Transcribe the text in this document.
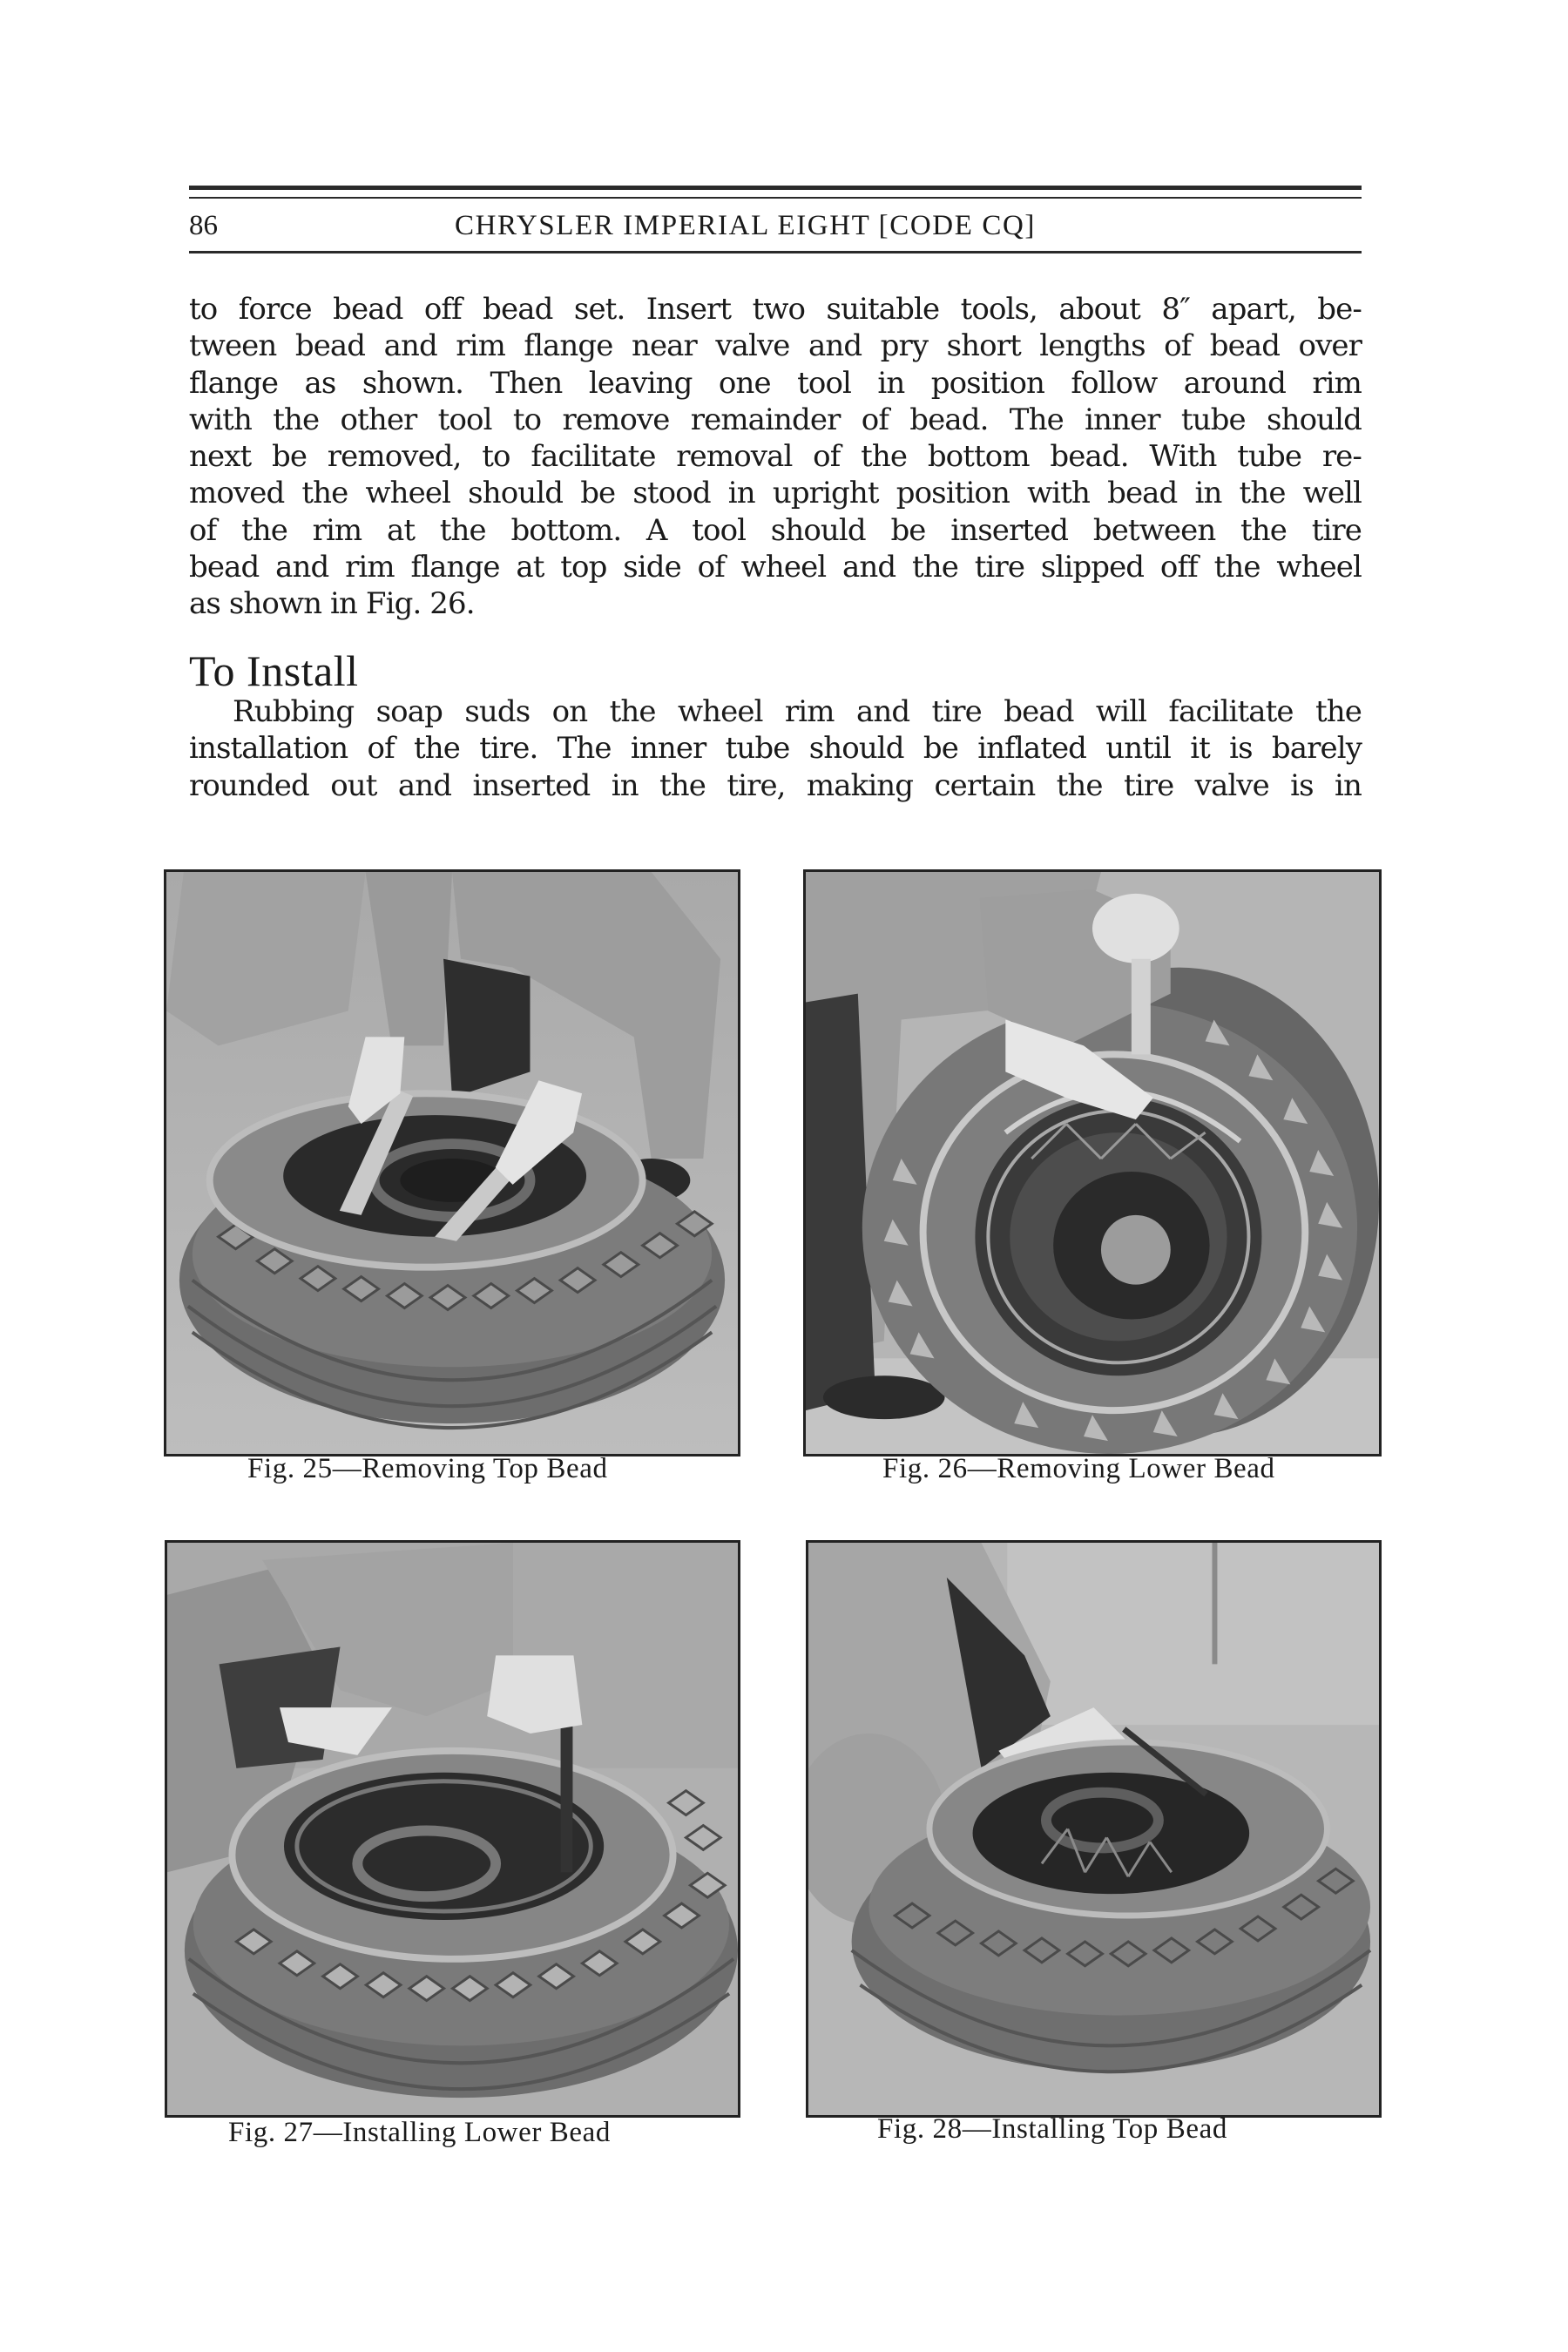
86	CHRYSLER IMPERIAL EIGHT [CODE CQ]
to force bead off bead set. Insert two suitable tools, about 8″ apart, be-
tween bead and rim flange near valve and pry short lengths of bead over
flange as shown. Then leaving one tool in position follow around rim
with the other tool to remove remainder of bead. The inner tube should
next be removed, to facilitate removal of the bottom bead. With tube re-
moved the wheel should be stood in upright position with bead in the well
of the rim at the bottom. A tool should be inserted between the tire
bead and rim flange at top side of wheel and the tire slipped off the wheel
as shown in Fig. 26.
To Install
Rubbing soap suds on the wheel rim and tire bead will facilitate the
installation of the tire. The inner tube should be inflated until it is barely
rounded out and inserted in the tire, making certain the tire valve is in
Fig. 25—Removing Top Bead	Fig. 26—Removing Lower Bead
Fig. 27—Installing Lower Bead	Fig. 28—Installing Top Bead
